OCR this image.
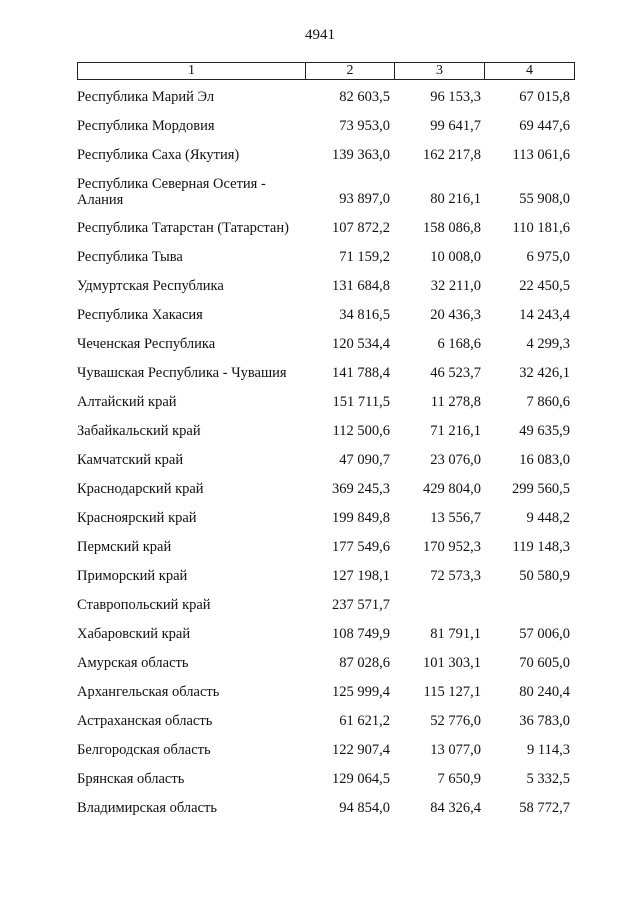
4941
1	2	3	4
Республика Марий Эл	82 603,5	96 153,3	67 015,8
Республика Мордовия	73 953,0	99 641,7	69 447,6
Республика Саха (Якутия)	139 363,0	162 217,8	113 061,6
Республика Северная Осетия - Алания	93 897,0	80 216,1	55 908,0
Республика Татарстан (Татарстан)	107 872,2	158 086,8	110 181,6
Республика Тыва	71 159,2	10 008,0	6 975,0
Удмуртская Республика	131 684,8	32 211,0	22 450,5
Республика Хакасия	34 816,5	20 436,3	14 243,4
Чеченская Республика	120 534,4	6 168,6	4 299,3
Чувашская Республика - Чувашия	141 788,4	46 523,7	32 426,1
Алтайский край	151 711,5	11 278,8	7 860,6
Забайкальский край	112 500,6	71 216,1	49 635,9
Камчатский край	47 090,7	23 076,0	16 083,0
Краснодарский край	369 245,3	429 804,0	299 560,5
Красноярский край	199 849,8	13 556,7	9 448,2
Пермский край	177 549,6	170 952,3	119 148,3
Приморский край	127 198,1	72 573,3	50 580,9
Ставропольский край	237 571,7
Хабаровский край	108 749,9	81 791,1	57 006,0
Амурская область	87 028,6	101 303,1	70 605,0
Архангельская область	125 999,4	115 127,1	80 240,4
Астраханская область	61 621,2	52 776,0	36 783,0
Белгородская область	122 907,4	13 077,0	9 114,3
Брянская область	129 064,5	7 650,9	5 332,5
Владимирская область	94 854,0	84 326,4	58 772,7
